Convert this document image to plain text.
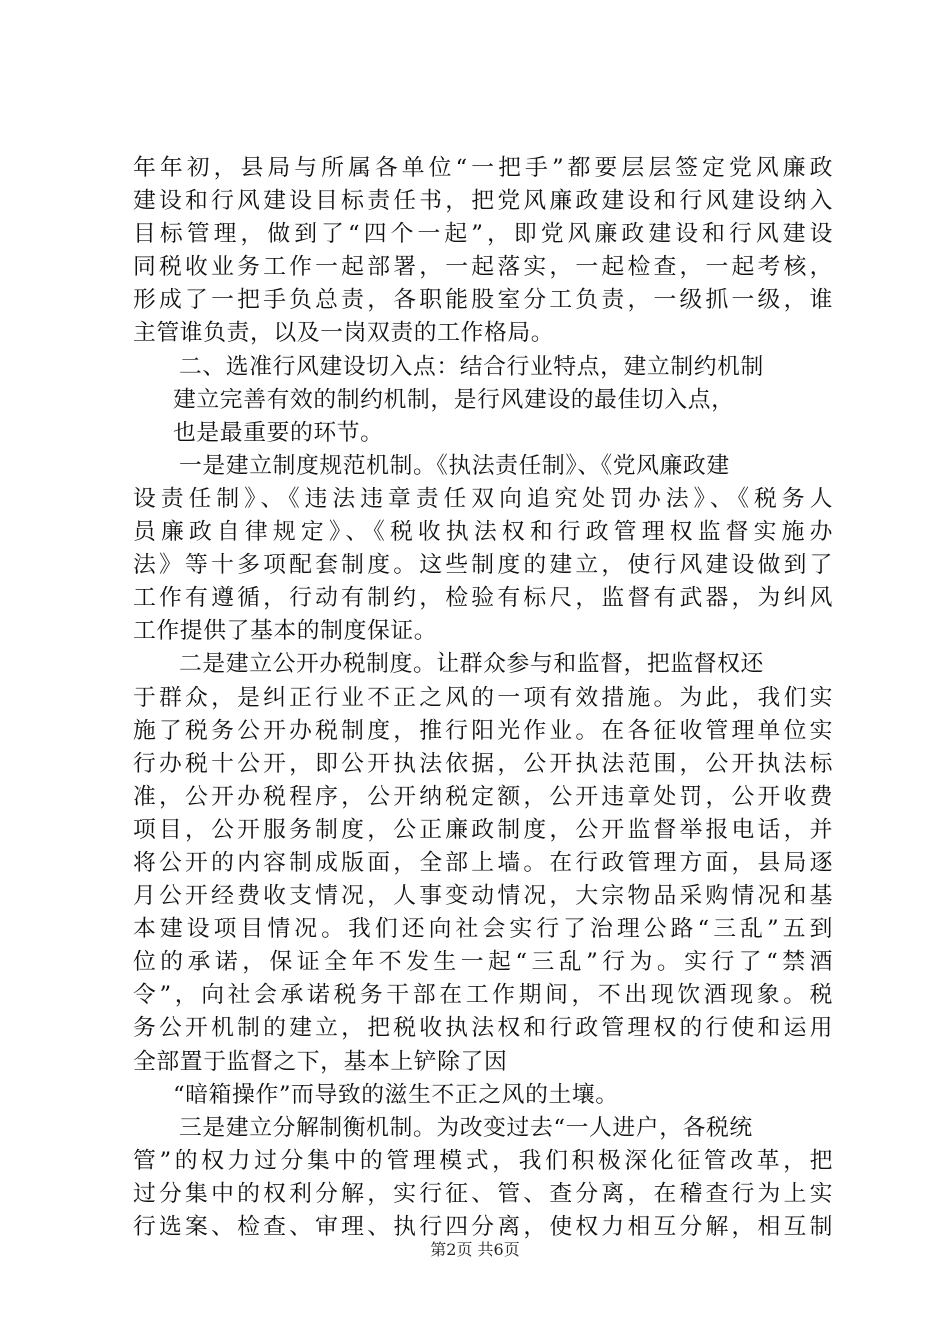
年年初，县局与所属各单位“一把手”都要层层签定党风廉政
建设和行风建设目标责任书，把党风廉政建设和行风建设纳入
目标管理，做到了“四个一起”，即党风廉政建设和行风建设
同税收业务工作一起部署，一起落实，一起检查，一起考核，
形成了一把手负总责，各职能股室分工负责，一级抓一级，谁
主管谁负责，以及一岗双责的工作格局。
二、选准行风建设切入点：结合行业特点，建立制约机制
建立完善有效的制约机制，是行风建设的最佳切入点，
也是最重要的环节。
一是建立制度规范机制。《执法责任制》、《党风廉政建
设责任制》、《违法违章责任双向追究处罚办法》、《税务人
员廉政自律规定》、《税收执法权和行政管理权监督实施办
法》等十多项配套制度。这些制度的建立，使行风建设做到了
工作有遵循，行动有制约，检验有标尺，监督有武器，为纠风
工作提供了基本的制度保证。
二是建立公开办税制度。让群众参与和监督，把监督权还
于群众，是纠正行业不正之风的一项有效措施。为此，我们实
施了税务公开办税制度，推行阳光作业。在各征收管理单位实
行办税十公开，即公开执法依据，公开执法范围，公开执法标
准，公开办税程序，公开纳税定额，公开违章处罚，公开收费
项目，公开服务制度，公正廉政制度，公开监督举报电话，并
将公开的内容制成版面，全部上墙。在行政管理方面，县局逐
月公开经费收支情况，人事变动情况，大宗物品采购情况和基
本建设项目情况。我们还向社会实行了治理公路“三乱”五到
位的承诺，保证全年不发生一起“三乱”行为。实行了“禁酒
令”，向社会承诺税务干部在工作期间，不出现饮酒现象。税
务公开机制的建立，把税收执法权和行政管理权的行使和运用
全部置于监督之下，基本上铲除了因
“暗箱操作”而导致的滋生不正之风的土壤。
三是建立分解制衡机制。为改变过去“一人进户，各税统
管”的权力过分集中的管理模式，我们积极深化征管改革，把
过分集中的权利分解，实行征、管、查分离，在稽查行为上实
行选案、检查、审理、执行四分离，使权力相互分解，相互制
第2页 共6页
